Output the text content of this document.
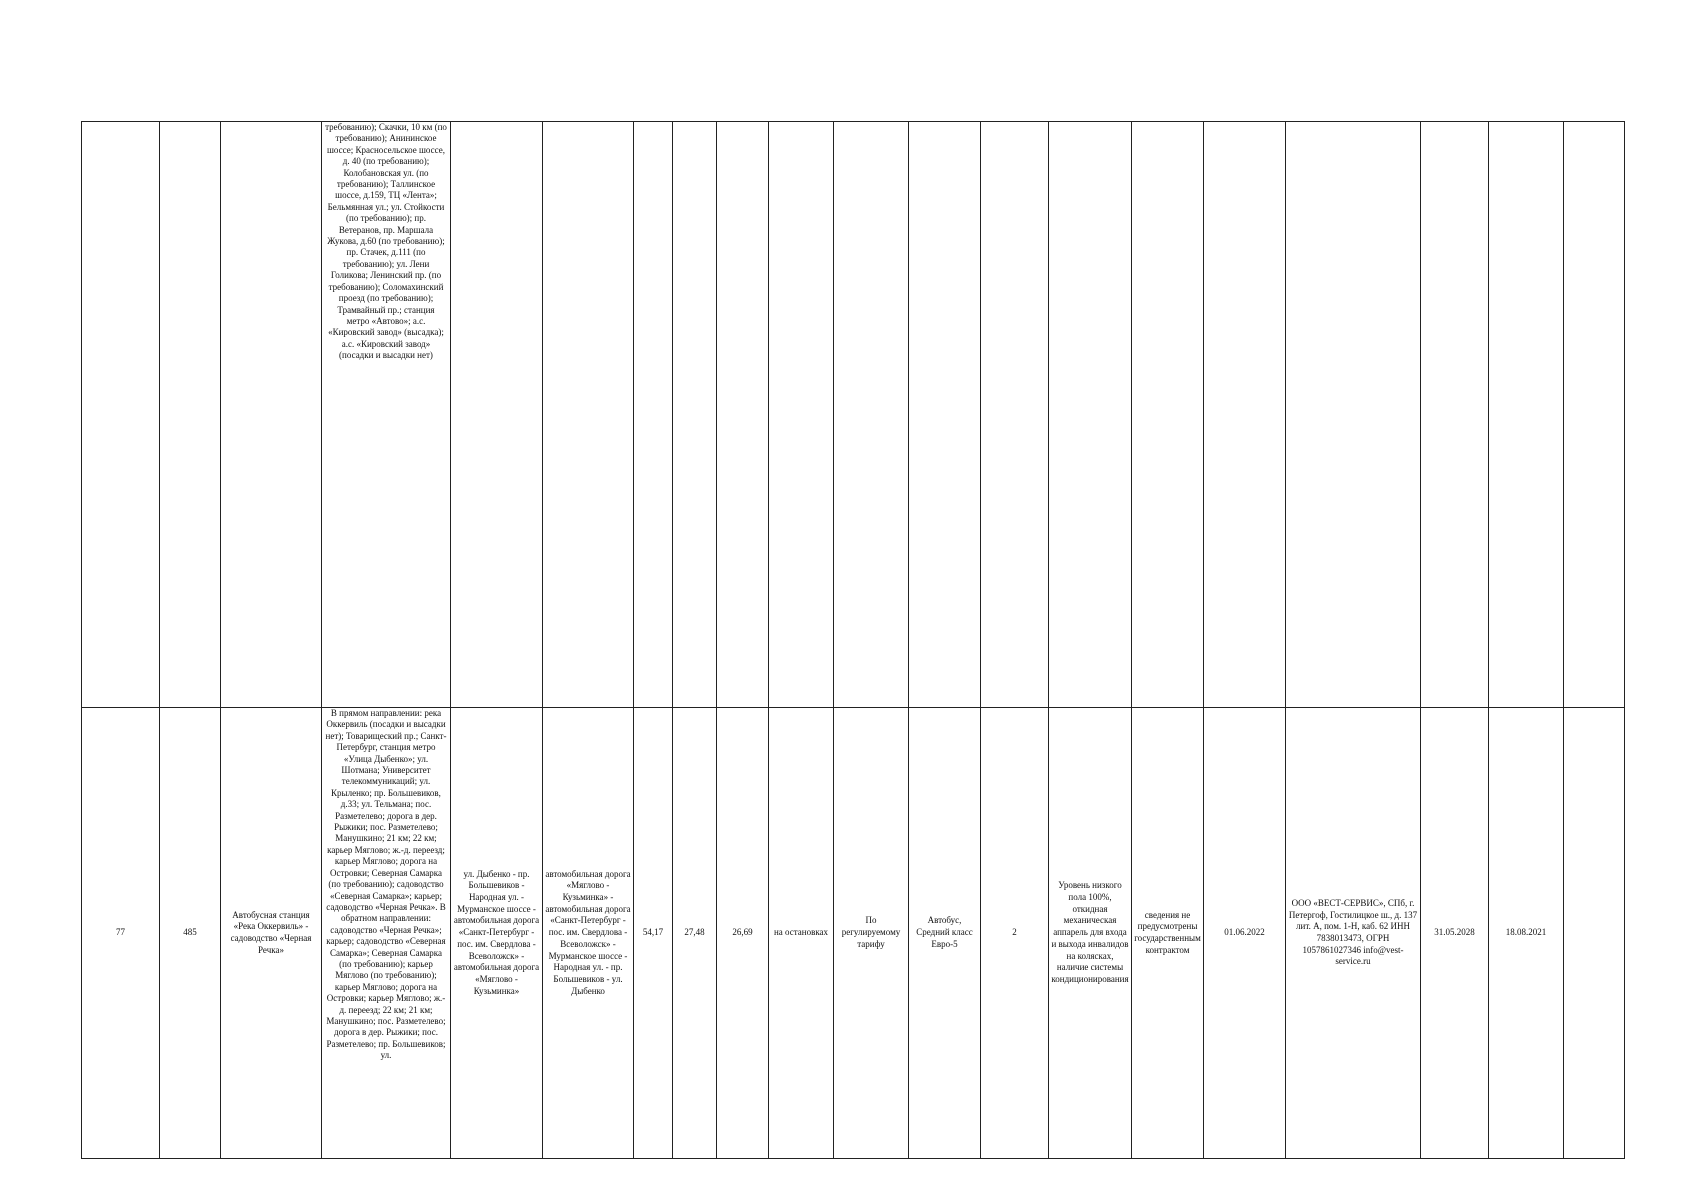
			требованию); Скачки, 10 км (по требованию); Анининское шоссе; Красносельское шоссе, д. 40 (по требованию); Колобановская ул. (по требованию); Таллинское шоссе, д.159, ТЦ «Лента»; Бельмянная ул.; ул. Стойкости (по требованию); пр. Ветеранов, пр. Маршала Жукова, д.60 (по требованию); пр. Стачек, д.111 (по требованию); ул. Лени Голикова; Ленинский пр. (по требованию); Соломахинский проезд (по требованию); Трамвайный пр.; станция метро «Автово»; а.с. «Кировский завод» (высадка); а.с. «Кировский завод» (посадки и высадки нет)																
77	485	Автобусная станция «Река Оккервиль» - садоводство «Черная Речка»	В прямом направлении: река Оккервиль (посадки и высадки нет); Товарищеский пр.; Санкт-Петербург, станция метро «Улица Дыбенко»; ул. Шотмана; Университет телекоммуникаций; ул. Крыленко; пр. Большевиков, д.33; ул. Тельмана; пос. Разметелево; дорога в дер. Рыжики; пос. Разметелево; Манушкино; 21 км; 22 км; карьер Мяглово; ж.-д. переезд; карьер Мяглово; дорога на Островки; Северная Самарка (по требованию); садоводство «Северная Самарка»; карьер; садоводство «Черная Речка». В обратном направлении: садоводство «Черная Речка»; карьер; садоводство «Северная Самарка»; Северная Самарка (по требованию); карьер Мяглово (по требованию); карьер Мяглово; дорога на Островки; карьер Мяглово; ж.-д. переезд; 22 км; 21 км; Манушкино; пос. Разметелево; дорога в дер. Рыжики; пос. Разметелево; пр. Большевиков; ул.	ул. Дыбенко - пр. Большевиков - Народная ул. - Мурманское шоссе - автомобильная дорога «Санкт-Петербург - пос. им. Свердлова - Всеволожск» - автомобильная дорога «Мяглово - Кузьминка»	автомобильная дорога «Мяглово - Кузьминка» - автомобильная дорога «Санкт-Петербург - пос. им. Свердлова - Всеволожск» - Мурманское шоссе - Народная ул. - пр. Большевиков - ул. Дыбенко	54,17	27,48	26,69	на остановках	По регулируемому тарифу	Автобус, Средний класс Евро-5	2	Уровень низкого пола 100%, откидная механическая аппарель для входа и выхода инвалидов на колясках, наличие системы кондиционирования	сведения не предусмотрены государственным контрактом	01.06.2022	ООО «ВЕСТ-СЕРВИС», СПб, г. Петергоф, Гостилицкое ш., д. 137 лит. А, пом. 1-Н, каб. 62 ИНН 7838013473, ОГРН 1057861027346 info@vest-service.ru	31.05.2028	18.08.2021	
